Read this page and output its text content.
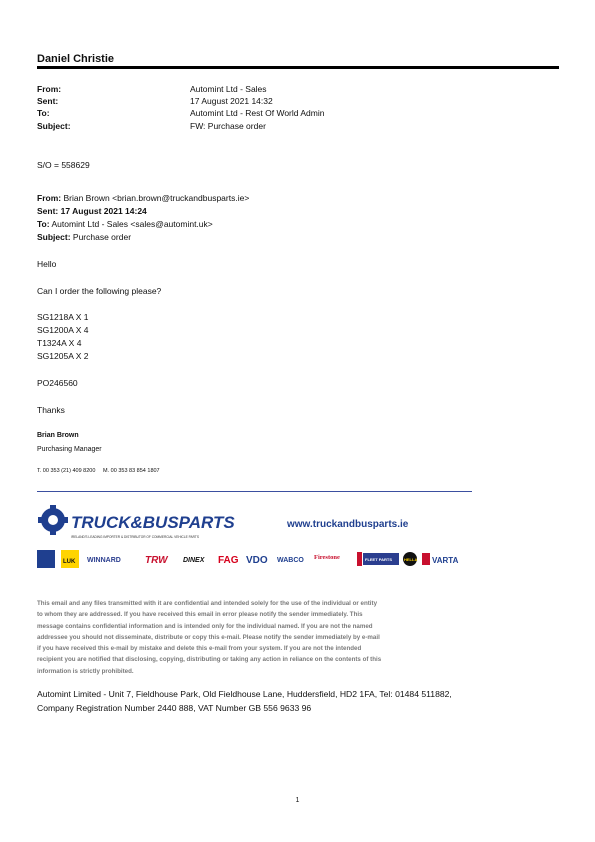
Daniel Christie
From:	Automint Ltd - Sales
Sent:	17 August 2021 14:32
To:	Automint Ltd - Rest Of World Admin
Subject:	FW: Purchase order
S/O = 558629
From: Brian Brown <brian.brown@truckandbusparts.ie>
Sent: 17 August 2021 14:24
To: Automint Ltd - Sales <sales@automint.uk>
Subject: Purchase order
Hello
Can I order the following please?
SG1218A X 1
SG1200A X 4
T1324A X 4
SG1205A X 2
PO246560
Thanks
Brian Brown
Purchasing Manager
T. 00 353 (21) 409 8200     M. 00 353 83 854 1807
TRUCK&BUSPARTS
IRELAND'S LEADING IMPORTER & DISTRIBUTOR OF COMMERCIAL VEHICLE PARTS
www.truckandbusparts.ie
LUK WINNARD TRW DINEX FAG VDO WABCO Firestone	FLEET PARTS	HELLA VARTA
This email and any files transmitted with it are confidential and intended solely for the use of the individual or entity
to whom they are addressed. If you have received this email in error please notify the sender immediately. This
message contains confidential information and is intended only for the individual named. If you are not the named
addressee you should not disseminate, distribute or copy this e-mail. Please notify the sender immediately by e-mail
if you have received this e-mail by mistake and delete this e-mail from your system. If you are not the intended
recipient you are notified that disclosing, copying, distributing or taking any action in reliance on the contents of this
information is strictly prohibited.
Automint Limited - Unit 7, Fieldhouse Park, Old Fieldhouse Lane, Huddersfield, HD2 1FA, Tel: 01484 511882,
Company Registration Number 2440 888, VAT Number GB 556 9633 96
1
